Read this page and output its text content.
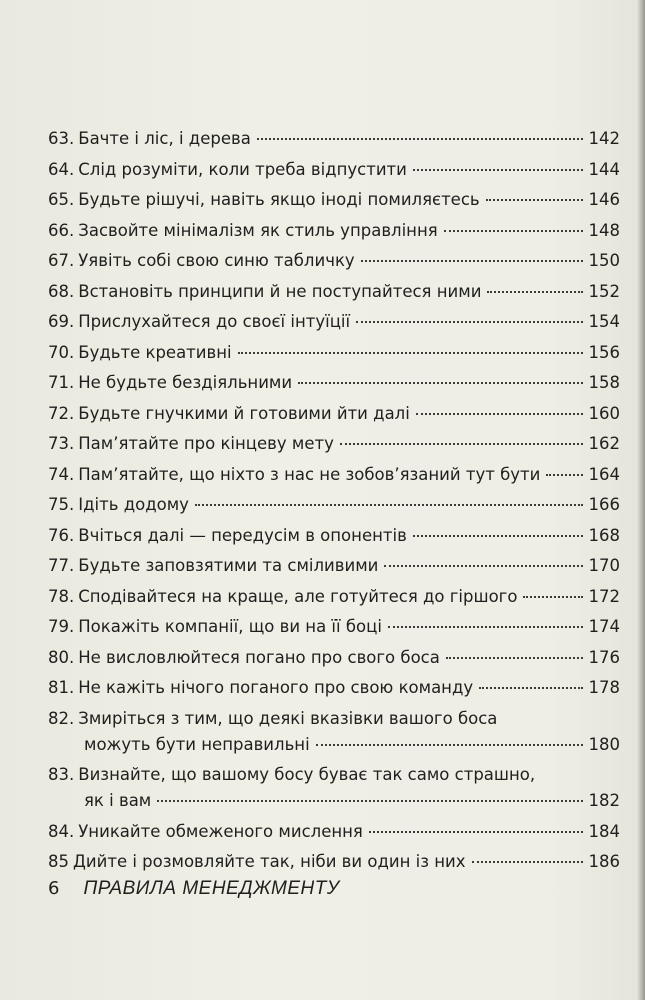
63. Бачте і ліс, і дерева	142
64. Слід розуміти, коли треба відпустити	144
65. Будьте рішучі, навіть якщо іноді помиляєтесь	146
66. Засвойте мінімалізм як стиль управління	148
67. Уявіть собі свою синю табличку	150
68. Встановіть принципи й не поступайтеся ними	152
69. Прислухайтеся до своєї інтуїції	154
70. Будьте креативні	156
71. Не будьте бездіяльними	158
72. Будьте гнучкими й готовими йти далі	160
73. Пам’ятайте про кінцеву мету	162
74. Пам’ятайте, що ніхто з нас не зобов’язаний тут бути	164
75. Ідіть додому	166
76. Вчіться далі — передусім в опонентів	168
77. Будьте заповзятими та сміливими	170
78. Сподівайтеся на краще, але готуйтеся до гіршого	172
79. Покажіть компанії, що ви на її боці	174
80. Не висловлюйтеся погано про свого боса	176
81. Не кажіть нічого поганого про свою команду	178
82. Змиріться з тим, що деякі вказівки вашого боса
можуть бути неправильні	180
83. Визнайте, що вашому босу буває так само страшно,
як і вам	182
84. Уникайте обмеженого мислення	184
85 Дийте і розмовляйте так, ніби ви один із них	186
6 ПРАВИЛА МЕНЕДЖМЕНТУ
